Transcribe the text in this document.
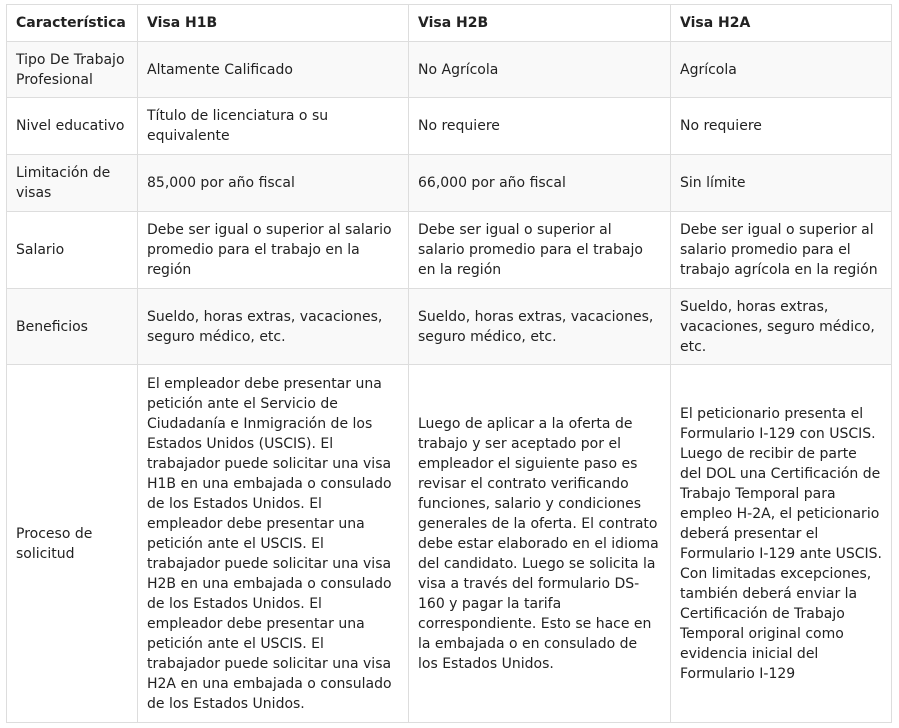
Característica	Visa H1B	Visa H2B	Visa H2A
Tipo De Trabajo Profesional	Altamente Calificado	No Agrícola	Agrícola
Nivel educativo	Título de licenciatura o su equivalente	No requiere	No requiere
Limitación de visas	85,000 por año fiscal	66,000 por año fiscal	Sin límite
Salario	Debe ser igual o superior al salario promedio para el trabajo en la región	Debe ser igual o superior al salario promedio para el trabajo en la región	Debe ser igual o superior al salario promedio para el trabajo agrícola en la región
Beneficios	Sueldo, horas extras, vacaciones, seguro médico, etc.	Sueldo, horas extras, vacaciones, seguro médico, etc.	Sueldo, horas extras, vacaciones, seguro médico, etc.
Proceso de solicitud	El empleador debe presentar una petición ante el Servicio de Ciudadanía e Inmigración de los Estados Unidos (USCIS). El trabajador puede solicitar una visa H1B en una embajada o consulado de los Estados Unidos. El empleador debe presentar una petición ante el USCIS. El trabajador puede solicitar una visa H2B en una embajada o consulado de los Estados Unidos. El empleador debe presentar una petición ante el USCIS. El trabajador puede solicitar una visa H2A en una embajada o consulado de los Estados Unidos.	Luego de aplicar a la oferta de trabajo y ser aceptado por el empleador el siguiente paso es revisar el contrato verificando funciones, salario y condiciones generales de la oferta. El contrato debe estar elaborado en el idioma del candidato. Luego se solicita la visa a través del formulario DS-160 y pagar la tarifa correspondiente. Esto se hace en la embajada o en consulado de los Estados Unidos.	El peticionario presenta el Formulario I-129 con USCIS. Luego de recibir de parte del DOL una Certificación de Trabajo Temporal para empleo H-2A, el peticionario deberá presentar el Formulario I-129 ante USCIS. Con limitadas excepciones, también deberá enviar la Certificación de Trabajo Temporal original como evidencia inicial del Formulario I-129
